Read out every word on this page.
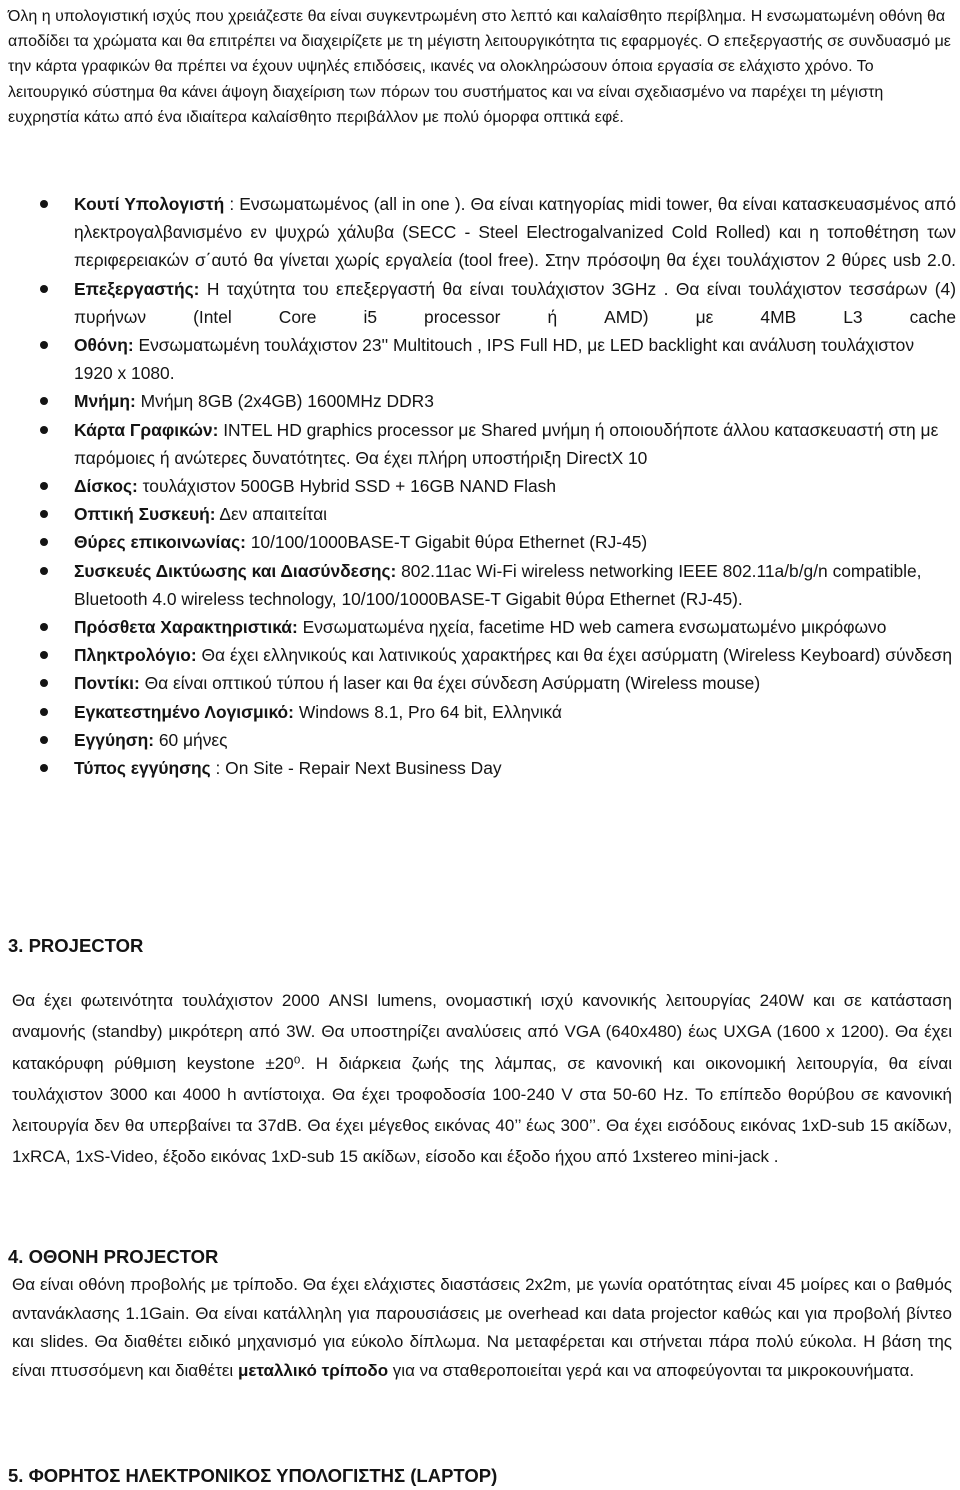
Όλη η υπολογιστική ισχύς που χρειάζεστε θα είναι συγκεντρωμένη στο λεπτό και καλαίσθητο περίβλημα. Η ενσωματωμένη οθόνη θα αποδίδει τα χρώματα και θα επιτρέπει να διαχειρίζετε με τη μέγιστη λειτουργικότητα τις εφαρμογές. Ο επεξεργαστής σε συνδυασμό με την κάρτα γραφικών θα πρέπει να έχουν υψηλές επιδόσεις, ικανές να ολοκληρώσουν όποια εργασία σε ελάχιστο χρόνο. Το λειτουργικό σύστημα θα κάνει άψογη διαχείριση των πόρων του συστήματος και να είναι σχεδιασμένο να παρέχει τη μέγιστη ευχρηστία κάτω από ένα ιδιαίτερα καλαίσθητο περιβάλλον με πολύ όμορφα οπτικά εφέ.

Κουτί Υπολογιστή : Ενσωματωμένος (all in one ). Θα είναι κατηγορίας midi tower, θα είναι κατασκευασμένος από ηλεκτρογαλβανισμένο εν ψυχρώ χάλυβα (SECC - Steel Electrogalvanized Cold Rolled) και η τοποθέτηση των περιφερειακών σ΄αυτό θα γίνεται χωρίς εργαλεία (tool free). Στην πρόσοψη θα έχει τουλάχιστον 2 θύρες usb 2.0.
Επεξεργαστής: Η ταχύτητα του επεξεργαστή θα είναι τουλάχιστον 3GHz . Θα είναι τουλάχιστον τεσσάρων (4) πυρήνων (Intel Core i5 processor ή AMD) με 4MB L3 cache
Οθόνη: Ενσωματωμένη τουλάχιστον 23'' Multitouch , IPS Full HD, με LED backlight και ανάλυση τουλάχιστον 1920 x 1080.
Μνήμη: Μνήμη 8GB (2x4GB) 1600MHz DDR3
Κάρτα Γραφικών: INTEL HD graphics processor με Shared μνήμη ή οποιουδήποτε άλλου κατασκευαστή στη με παρόμοιες ή ανώτερες δυνατότητες. Θα έχει πλήρη υποστήριξη DirectX 10
Δίσκος: τουλάχιστον 500GB Hybrid SSD + 16GB NAND Flash
Οπτική Συσκευή: Δεν απαιτείται
Θύρες επικοινωνίας: 10/100/1000BASE-T Gigabit θύρα Ethernet (RJ-45)
Συσκευές Δικτύωσης και Διασύνδεσης: 802.11ac Wi-Fi wireless networking IEEE 802.11a/b/g/n compatible, Bluetooth 4.0 wireless technology, 10/100/1000BASE-T Gigabit θύρα Ethernet (RJ-45).
Πρόσθετα Χαρακτηριστικά: Ενσωματωμένα ηχεία, facetime HD web camera ενσωματωμένο μικρόφωνο
Πληκτρολόγιο: Θα έχει ελληνικούς και λατινικούς χαρακτήρες και θα έχει ασύρματη (Wireless Keyboard) σύνδεση
Ποντίκι: Θα είναι οπτικού τύπου ή laser και θα έχει σύνδεση Ασύρματη (Wireless mouse)
Εγκατεστημένο Λογισμικό: Windows 8.1, Pro 64 bit, Ελληνικά
Εγγύηση: 60 μήνες
Τύπος εγγύησης : On Site - Repair Next Business Day
3. PROJECTOR

Θα έχει φωτεινότητα τουλάχιστον 2000 ANSI lumens, ονομαστική ισχύ κανονικής λειτουργίας 240W και σε κατάσταση αναμονής (standby) μικρότερη από 3W. Θα υποστηρίζει αναλύσεις από VGA (640x480) έως UXGA (1600 x 1200). Θα έχει κατακόρυφη ρύθμιση keystone ±20⁰. Η διάρκεια ζωής της λάμπας, σε κανονική και οικονομική λειτουργία, θα είναι τουλάχιστον 3000 και 4000 h αντίστοιχα. Θα έχει τροφοδοσία 100-240 V στα 50-60 Hz. Το επίπεδο θορύβου σε κανονική λειτουργία δεν θα υπερβαίνει τα 37dB. Θα έχει μέγεθος εικόνας 40’’ έως 300’’. Θα έχει εισόδους εικόνας 1xD-sub 15 ακίδων, 1xRCA, 1xS-Video, έξοδο εικόνας 1xD-sub 15 ακίδων, είσοδο και έξοδο ήχου από 1xstereo mini-jack .

4. ΟΘΟΝΗ PROJECTOR

Θα είναι οθόνη προβολής με τρίποδο. Θα έχει ελάχιστες διαστάσεις 2x2m, με γωνία ορατότητας είναι 45 μοίρες και ο βαθμός αντανάκλασης 1.1Gain. Θα είναι κατάλληλη για παρουσιάσεις με overhead και data projector καθώς και για προβολή βίντεο και slides. Θα διαθέτει ειδικό μηχανισμό για εύκολο δίπλωμα. Να μεταφέρεται και στήνεται πάρα πολύ εύκολα. Η βάση της είναι πτυσσόμενη και διαθέτει μεταλλικό τρίποδο για να σταθεροποιείται γερά και να αποφεύγονται τα μικροκουνήματα.

5. ΦΟΡΗΤΟΣ ΗΛΕΚΤΡΟΝΙΚΟΣ ΥΠΟΛΟΓΙΣΤΗΣ (LAPTOP)
